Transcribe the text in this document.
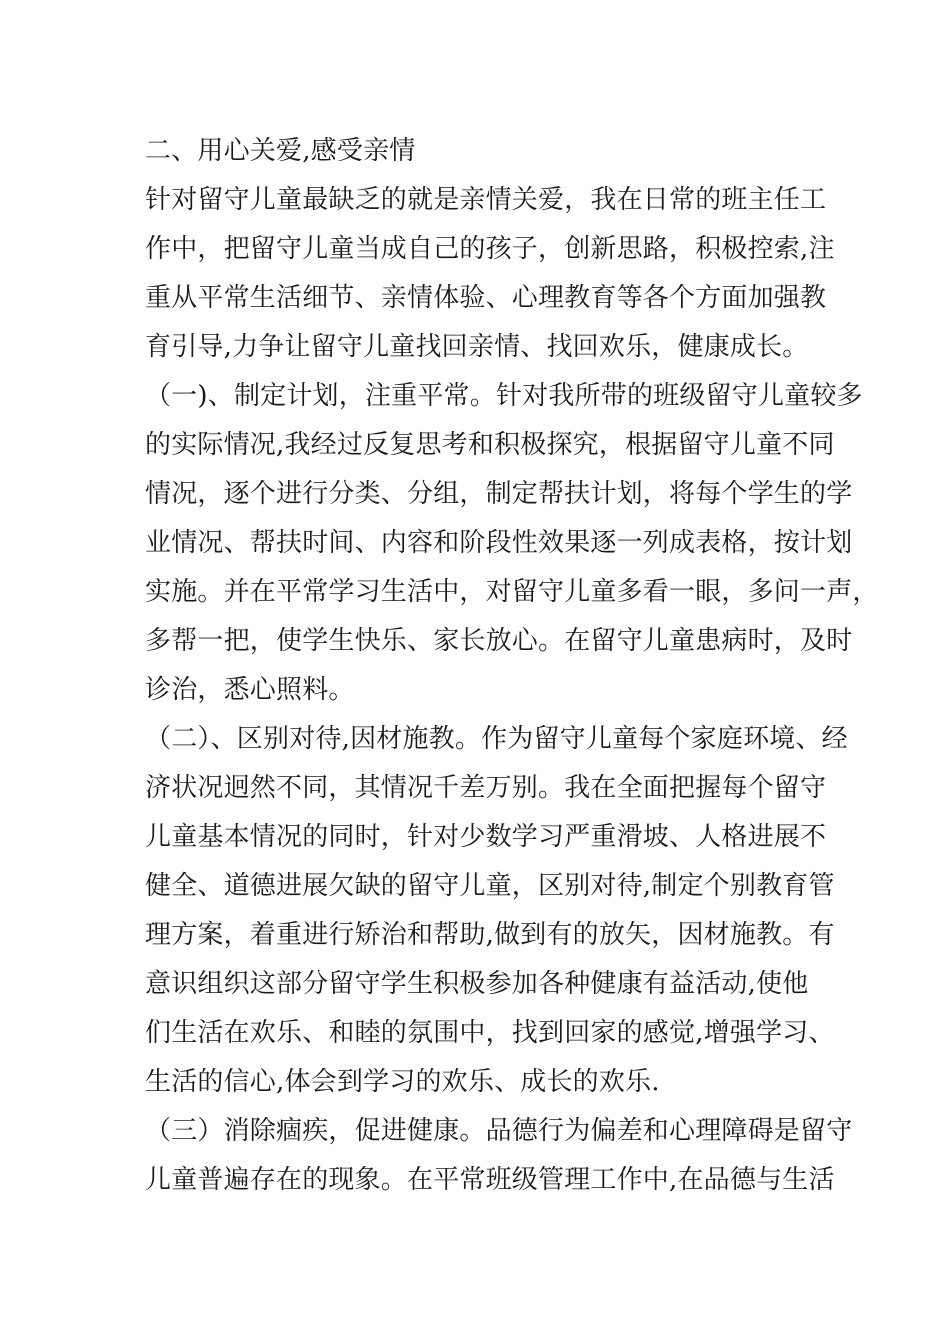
二、用心关爱,感受亲情
针对留守儿童最缺乏的就是亲情关爱，我在日常的班主任工
作中，把留守儿童当成自己的孩子，创新思路，积极控索,注
重从平常生活细节、亲情体验、心理教育等各个方面加强教
育引导,力争让留守儿童找回亲情、找回欢乐，健康成长。
（一)、制定计划，注重平常。针对我所带的班级留守儿童较多
的实际情况,我经过反复思考和积极探究，根据留守儿童不同
情况，逐个进行分类、分组，制定帮扶计划，将每个学生的学
业情况、帮扶时间、内容和阶段性效果逐一列成表格，按计划
实施。并在平常学习生活中，对留守儿童多看一眼，多问一声，
多帮一把，使学生快乐、家长放心。在留守儿童患病时，及时
诊治，悉心照料。
（二）、区别对待,因材施教。作为留守儿童每个家庭环境、经
济状况迥然不同，其情况千差万别。我在全面把握每个留守
儿童基本情况的同时，针对少数学习严重滑坡、人格进展不
健全、道德进展欠缺的留守儿童，区别对待,制定个别教育管
理方案，着重进行矫治和帮助,做到有的放矢，因材施教。有
意识组织这部分留守学生积极参加各种健康有益活动,使他
们生活在欢乐、和睦的氛围中，找到回家的感觉,增强学习、
生活的信心,体会到学习的欢乐、成长的欢乐.
（三）消除痼疾，促进健康。品德行为偏差和心理障碍是留守
儿童普遍存在的现象。在平常班级管理工作中,在品德与生活
